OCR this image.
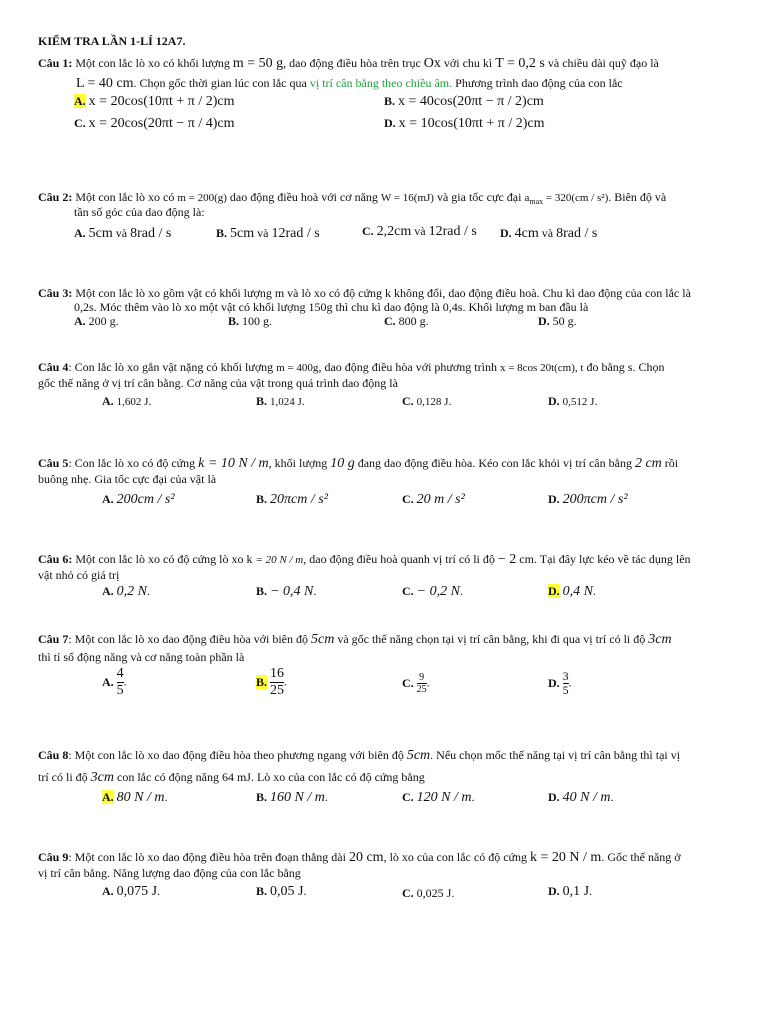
KIỂM TRA LẦN 1-LÍ 12A7.
Câu 1: Một con lắc lò xo có khối lượng m = 50 g, dao động điều hòa trên trục Ox với chu kì T = 0,2 s và chiều dài quỹ đạo là
L = 40 cm. Chọn gốc thời gian lúc con lắc qua vị trí cân bằng theo chiều âm. Phương trình dao động của con lắc
A. x = 20cos(10πt + π / 2)cm	B. x = 40cos(20πt − π / 2)cm
C. x = 20cos(20πt − π / 4)cm	D. x = 10cos(10πt + π / 2)cm
Câu 2: Một con lắc lò xo có m = 200(g) dao động điều hoà với cơ năng W = 16(mJ) và gia tốc cực đại $a_{max} = 320(cm / s^2)$. Biên độ và
tần số góc của dao động là:
A. 5cm và 8rad / s	B. 5cm và 12rad / s	C. 2,2cm và 12rad / s D. 4cm và 8rad / s
Câu 3: Một con lắc lò xo gồm vật có khối lượng m và lò xo có độ cứng k không đổi, dao động điều hoà. Chu kì dao động của con lắc là
0,2s. Móc thêm vào lò xo một vật có khối lượng 150g thì chu kì dao động là 0,4s. Khối lượng m ban đầu là
A. 200 g.	B. 100 g.	C. 800 g.	D. 50 g.
Câu 4: Con lắc lò xo gắn vật nặng có khối lượng m = 400g, dao động điều hòa với phương trình x = 8cos 20t(cm), t đo bằng s. Chọn
gốc thế năng ở vị trí cân bằng. Cơ năng của vật trong quá trình dao động là
A. 1,602 J.	B. 1,024 J.	C. 0,128 J.	D. 0,512 J.
Câu 5: Con lắc lò xo có độ cứng k = 10 N / m, khối lượng 10 g đang dao động điều hòa. Kéo con lắc khỏi vị trí cân bằng 2 cm rồi
buông nhẹ. Gia tốc cực đại của vật là
A. 200cm / s²	B. 20πcm / s²	C. 20 m / s²	D. 200πcm / s²
Câu 6: Một con lắc lò xo có độ cứng lò xo k = 20 N / m, dao động điều hoà quanh vị trí có li độ − 2 cm. Tại đây lực kéo về tác dụng lên
vật nhỏ có giá trị
A. 0,2 N.	B. − 0,4 N.	C. − 0,2 N.	D. 0,4 N.
Câu 7: Một con lắc lò xo dao động điều hòa với biên độ 5cm và gốc thế năng chọn tại vị trí cân bằng, khi đi qua vị trí có li độ 3cm
thì tỉ số động năng và cơ năng toàn phần là
A. $\frac{4}{5}$ .	B. $\frac{16}{25}$ .	C. $\frac{9}{25}$ .	D. $\frac{3}{5}$ .
Câu 8: Một con lắc lò xo dao động điều hòa theo phương ngang với biên độ 5cm. Nếu chọn mốc thế năng tại vị trí cân bằng thì tại vị
trí có li độ 3cm con lắc có động năng 64 mJ. Lò xo của con lắc có độ cứng bằng
A. 80 N / m.	B. 160 N / m.	C. 120 N / m.	D. 40 N / m.
Câu 9: Một con lắc lò xo dao động điều hòa trên đoạn thẳng dài 20 cm, lò xo của con lắc có độ cứng k = 20 N / m. Gốc thế năng ở
vị trí cân bằng. Năng lượng dao động của con lắc bằng
A. 0,075 J.	B. 0,05 J.	C. 0,025 J.	D. 0,1 J.
